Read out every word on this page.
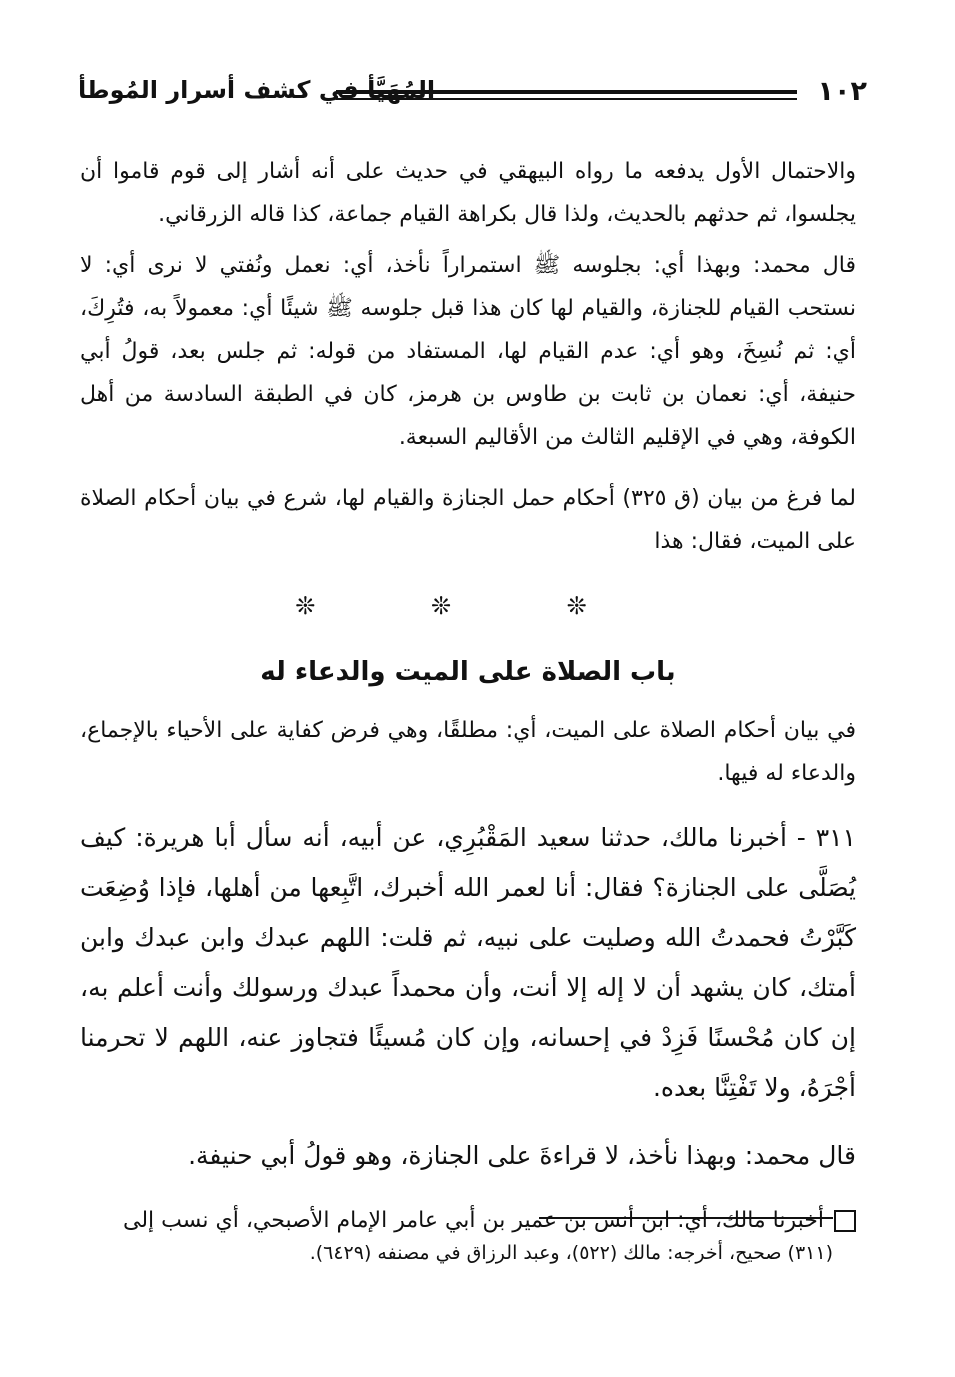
١٠٢
المُهَيَّأ في كشف أسرار المُوطأ

والاحتمال الأول يدفعه ما رواه البيهقي في حديث على أنه أشار إلى قوم قاموا أن يجلسوا، ثم حدثهم بالحديث، ولذا قال بكراهة القيام جماعة، كذا قاله الزرقاني.

قال محمد: وبهذا أي: بجلوسه ﷺ استمراراً نأخذ، أي: نعمل ونُفتي لا نرى أي: لا نستحب القيام للجنازة، والقيام لها كان هذا قبل جلوسه ﷺ شيئًا أي: معمولاً به، فتُرِكَ، أي: ثم نُسِخَ، وهو أي: عدم القيام لها، المستفاد من قوله: ثم جلس بعد، قولُ أبي حنيفة، أي: نعمان بن ثابت بن طاوس بن هرمز، كان في الطبقة السادسة من أهل الكوفة، وهي في الإقليم الثالث من الأقاليم السبعة.

لما فرغ من بيان (ق ٣٢٥) أحكام حمل الجنازة والقيام لها، شرع في بيان أحكام الصلاة على الميت، فقال: هذا

❊ ❊ ❊
باب الصلاة على الميت والدعاء له

في بيان أحكام الصلاة على الميت، أي: مطلقًا، وهي فرض كفاية على الأحياء بالإجماع، والدعاء له فيها.

٣١١ - أخبرنا مالك، حدثنا سعيد المَقْبُرِي، عن أبيه، أنه سأل أبا هريرة: كيف يُصَلَّى على الجنازة؟ فقال: أنا لعمر الله أخبرك، اتَّبِعها من أهلها، فإذا وُضِعَت كَبَّرْتُ فحمدتُ الله وصليت على نبيه، ثم قلت: اللهم عبدك وابن عبدك وابن أمتك، كان يشهد أن لا إله إلا أنت، وأن محمداً عبدك ورسولك وأنت أعلم به، إن كان مُحْسنًا فَزِدْ في إحسانه، وإن كان مُسيئًا فتجاوز عنه، اللهم لا تحرمنا أجْرَهُ، ولا تَفْتِنَّا بعده.

قال محمد: وبهذا نأخذ، لا قراءةَ على الجنازة، وهو قولُ أبي حنيفة.

أخبرنا مالك، أي: ابن أنس بن عمير بن أبي عامر الإمام الأصبحي، أي نسب إلى

(٣١١) صحيح، أخرجه: مالك (٥٢٢)، وعبد الرزاق في مصنفه (٦٤٢٩).
